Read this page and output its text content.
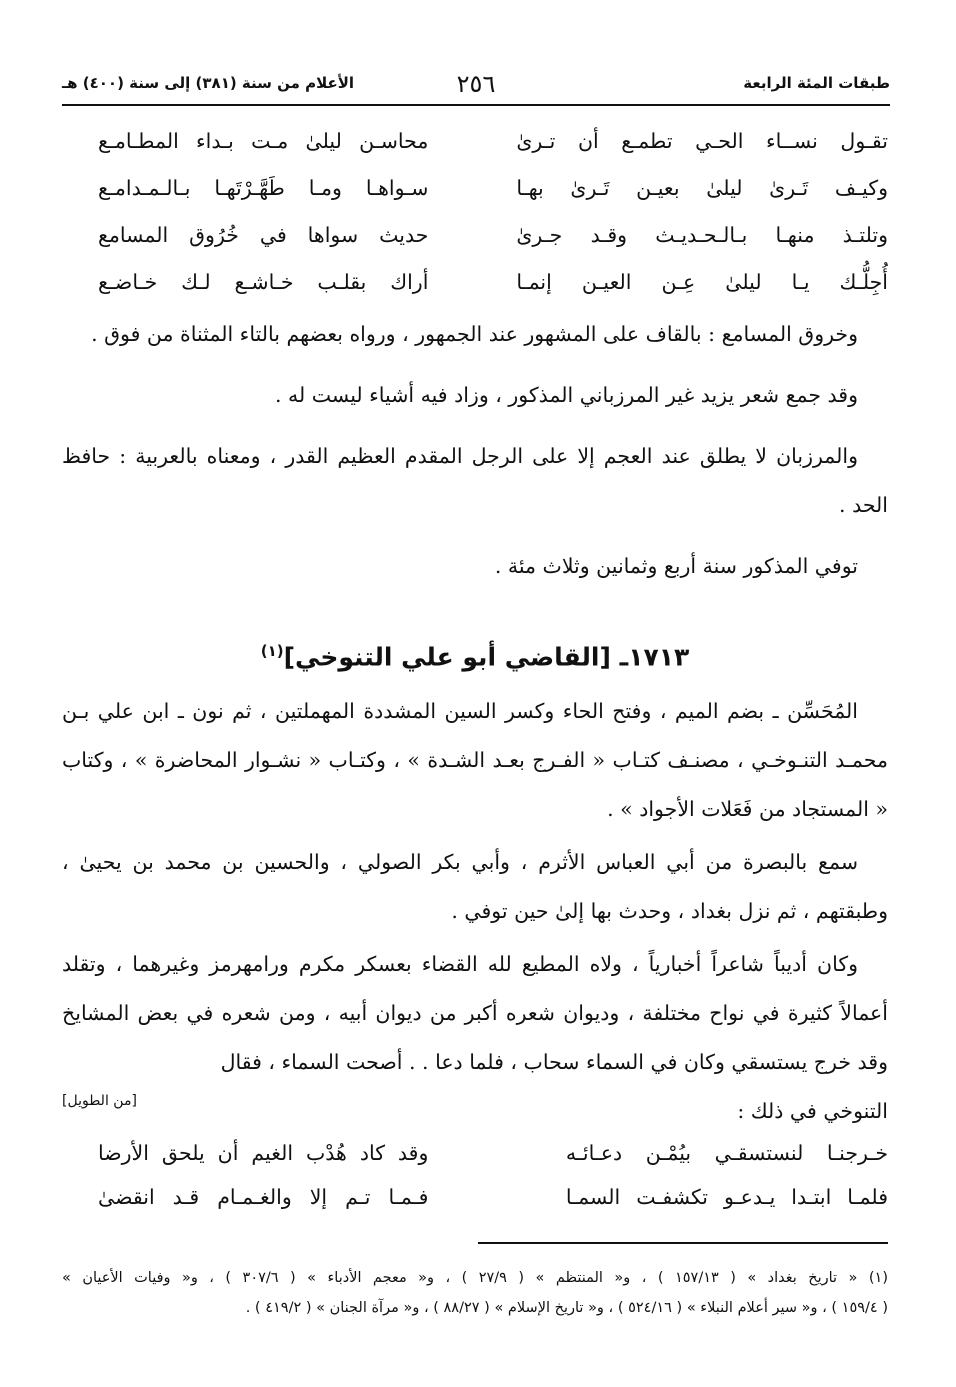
طبقات المئة الرابعة
٢٥٦
الأعلام من سنة (٣٨١) إلى سنة (٤٠٠) هـ
تقـول نســاء الحـي تطمـع أن تـرىٰ
محاسـن ليلىٰ مـت بـداء المطـامـع
وكيـف تَـرىٰ ليلىٰ بعيـن تَـرىٰ بهـا
سـواهـا ومـا طَهَّـرْتَهـا بـالـمـدامـع
وتلتـذ منهـا بـالـحـديـث وقـد جـرىٰ
حديث سواها في خُرُوق المسامع
أُجِلُّـك يـا ليلىٰ عِـن العيـن إنمـا
أراك بقلـب خـاشـع لـك خـاضـع

وخروق المسامع : بالقاف على المشهور عند الجمهور ، ورواه بعضهم بالتاء المثناة من فوق .

وقد جمع شعر يزيد غير المرزباني المذكور ، وزاد فيه أشياء ليست له .

والمرزبان لا يطلق عند العجم إلا على الرجل المقدم العظيم القدر ، ومعناه بالعربية : حافظ الحد .

توفي المذكور سنة أربع وثمانين وثلاث مئة .

١٧١٣ـ [القاضي أبو علي التنوخي]$^{(١)}$

المُحَسِّن ـ بضم الميم ، وفتح الحاء وكسر السين المشددة المهملتين ، ثم نون ـ ابن علي بـن محمـد التنـوخـي ، مصنـف كتـاب « الفـرج بعـد الشـدة » ، وكتـاب « نشـوار المحاضرة » ، وكتاب « المستجاد من فَعَلات الأجواد » .

سمع بالبصرة من أبي العباس الأثرم ، وأبي بكر الصولي ، والحسين بن محمد بن يحيىٰ ، وطبقتهم ، ثم نزل بغداد ، وحدث بها إلىٰ حين توفي .

وكان أديباً شاعراً أخبارياً ، ولاه المطيع لله القضاء بعسكر مكرم ورامهرمز وغيرهما ، وتقلد أعمالاً كثيرة في نواح مختلفة ، وديوان شعره أكبر من ديوان أبيه ، ومن شعره في بعض المشايخ وقد خرج يستسقي وكان في السماء سحاب ، فلما دعا . . أصحت السماء ، فقال

التنوخي في ذلك :
[من الطويل]
خـرجنـا لنستسقـي بيُمْـن دعـائـه
وقد كاد هُدْب الغيم أن يلحق الأرضا
فلمـا ابتـدا يـدعـو تكشفـت السمـا
فـمـا تـم إلا والغـمـام قـد انقضىٰ
(١) « تاريخ بغداد » ( ١٥٧/١٣ ) ، و« المنتظم » ( ٢٧/٩ ) ، و« معجم الأدباء » ( ٣٠٧/٦ ) ، و« وفيات الأعيان »
( ١٥٩/٤ ) ، و« سير أعلام النبلاء » ( ٥٢٤/١٦ ) ، و« تاريخ الإسلام » ( ٨٨/٢٧ ) ، و« مرآة الجنان » ( ٤١٩/٢ ) .
